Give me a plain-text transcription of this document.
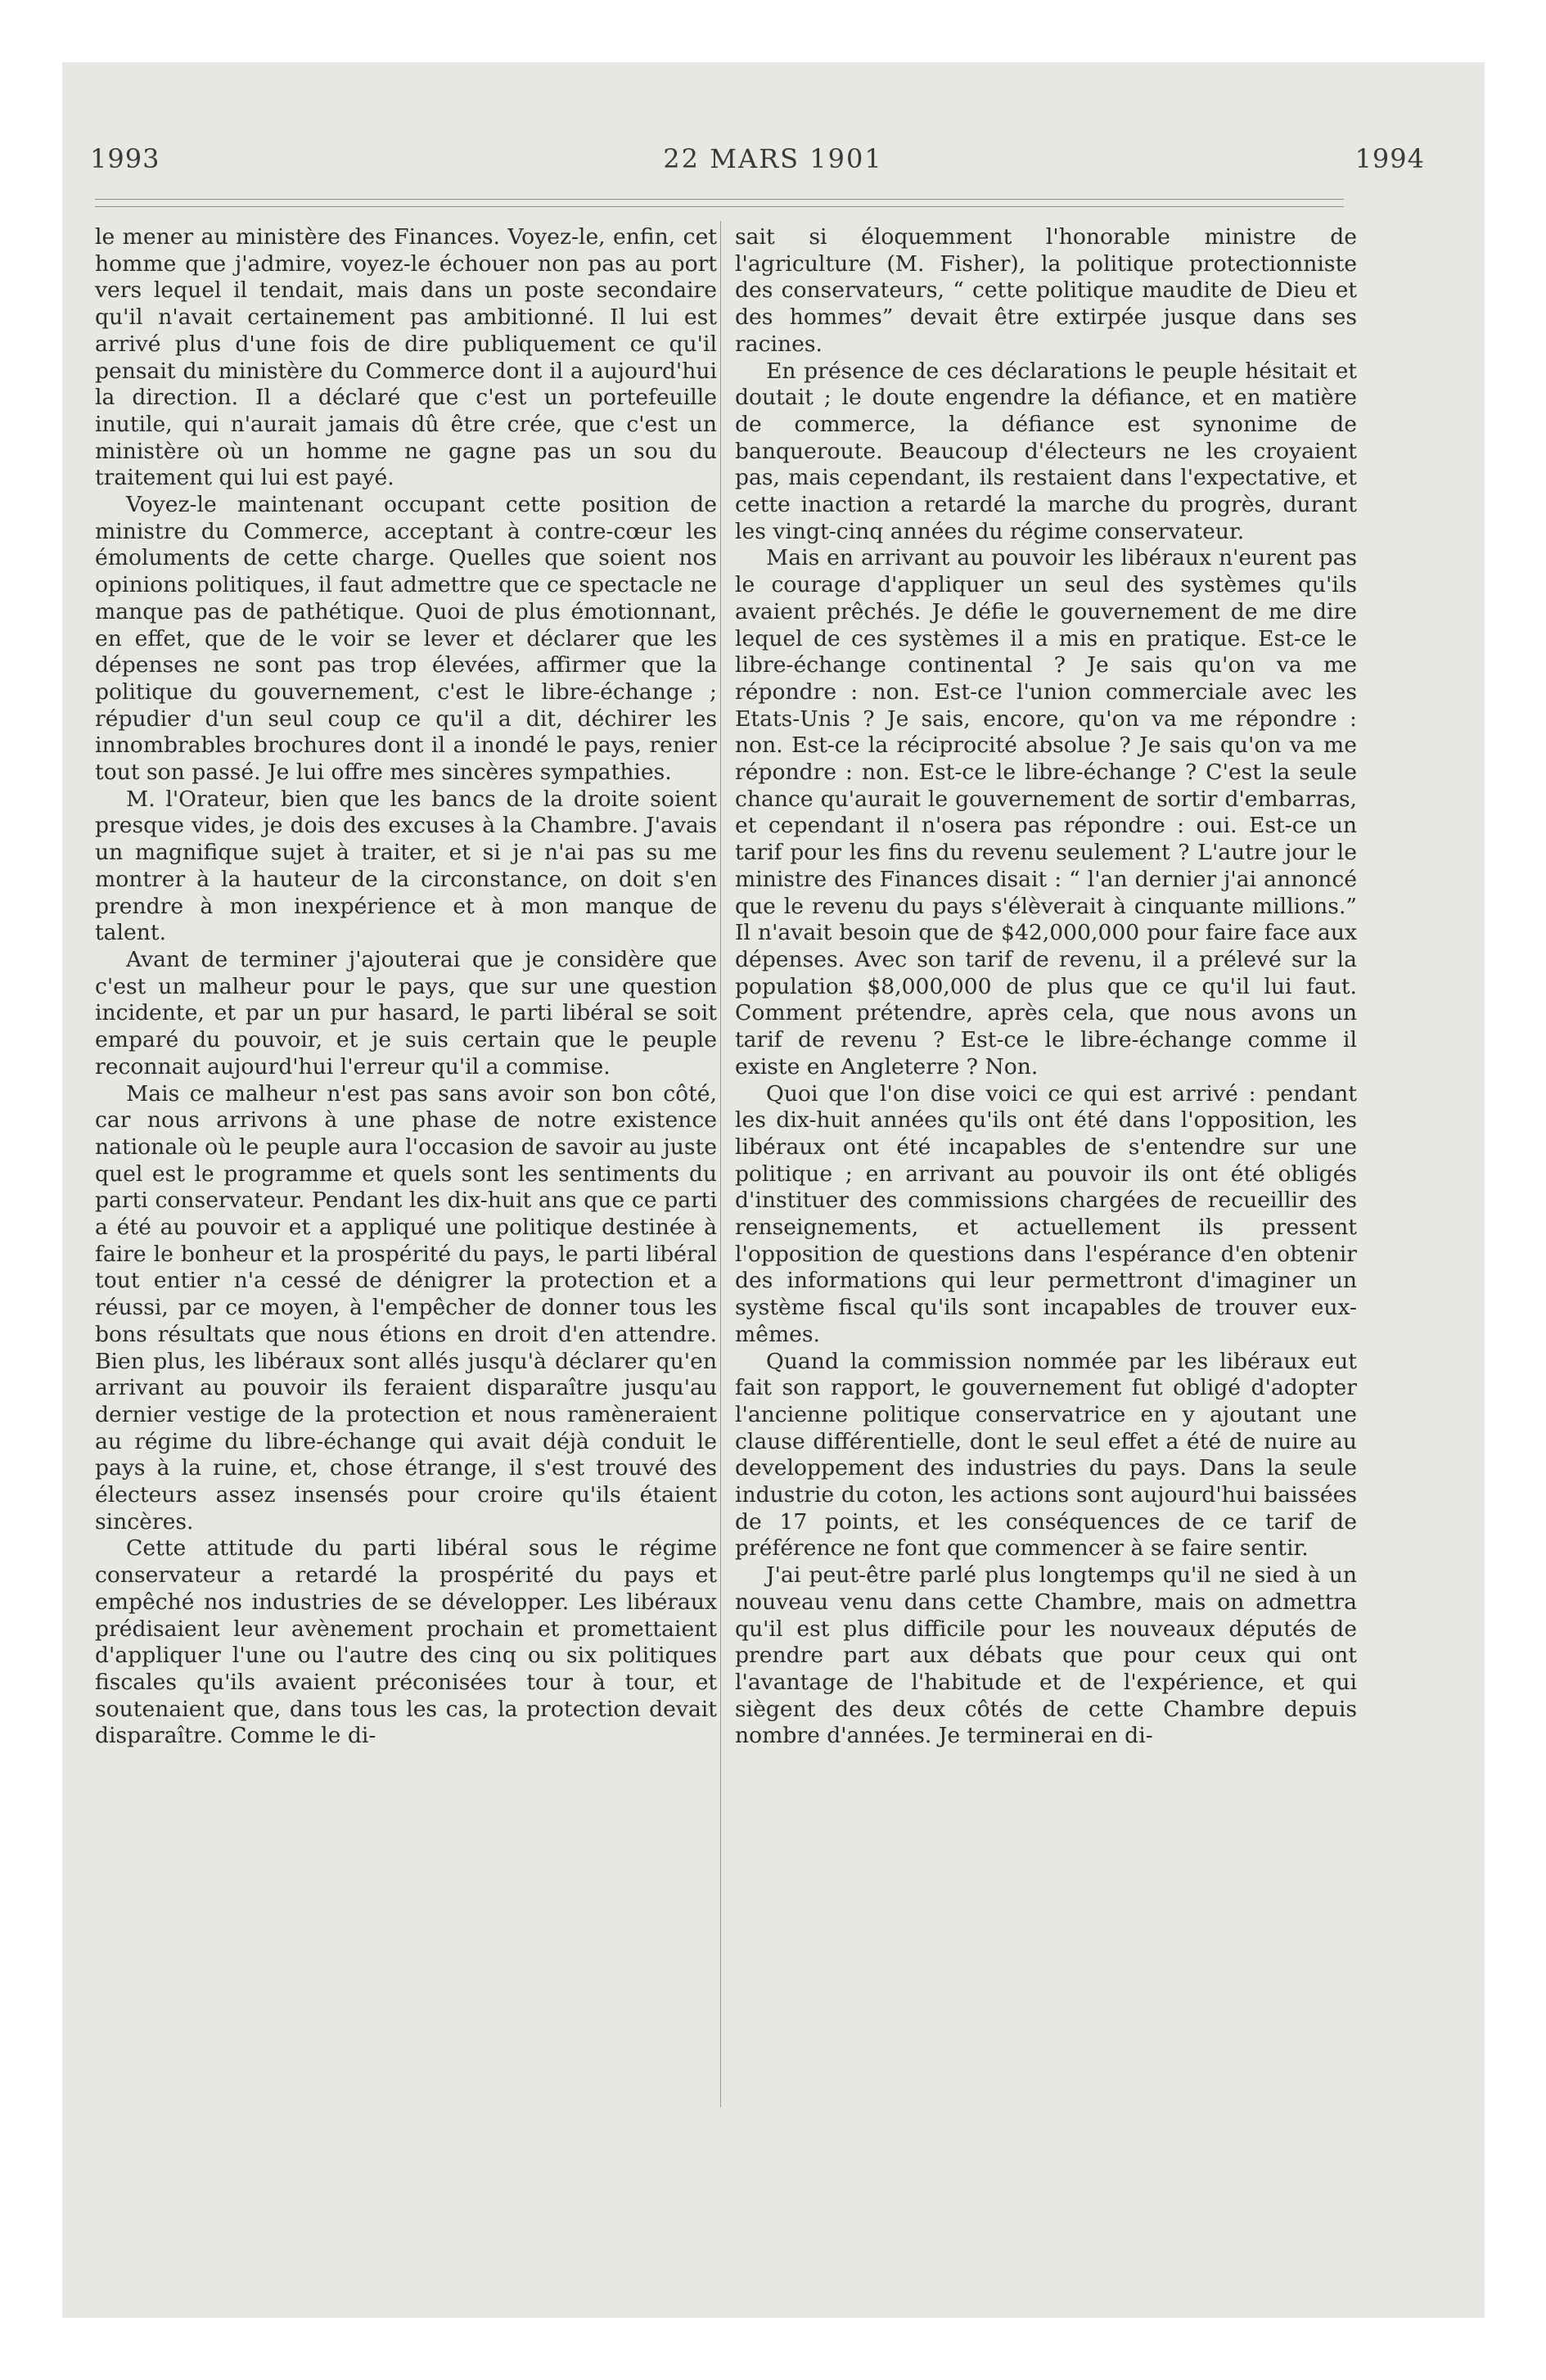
1993	22 MARS 1901	1994

le mener au ministère des Finances. Voyez-le, enfin, cet homme que j'admire, voyez-le échouer non pas au port vers lequel il tendait, mais dans un poste secondaire qu'il n'avait certainement pas ambitionné. Il lui est arrivé plus d'une fois de dire publiquement ce qu'il pensait du ministère du Commerce dont il a aujourd'hui la direction. Il a déclaré que c'est un portefeuille inutile, qui n'aurait jamais dû être crée, que c'est un ministère où un homme ne gagne pas un sou du traitement qui lui est payé.

Voyez-le maintenant occupant cette position de ministre du Commerce, acceptant à contre-cœur les émoluments de cette charge. Quelles que soient nos opinions politiques, il faut admettre que ce spectacle ne manque pas de pathétique. Quoi de plus émotionnant, en effet, que de le voir se lever et déclarer que les dépenses ne sont pas trop élevées, affirmer que la politique du gouvernement, c'est le libre-échange ; répudier d'un seul coup ce qu'il a dit, déchirer les innombrables brochures dont il a inondé le pays, renier tout son passé. Je lui offre mes sincères sympathies.

M. l'Orateur, bien que les bancs de la droite soient presque vides, je dois des excuses à la Chambre. J'avais un magnifique sujet à traiter, et si je n'ai pas su me montrer à la hauteur de la circonstance, on doit s'en prendre à mon inexpérience et à mon manque de talent.

Avant de terminer j'ajouterai que je considère que c'est un malheur pour le pays, que sur une question incidente, et par un pur hasard, le parti libéral se soit emparé du pouvoir, et je suis certain que le peuple reconnait aujourd'hui l'erreur qu'il a commise.

Mais ce malheur n'est pas sans avoir son bon côté, car nous arrivons à une phase de notre existence nationale où le peuple aura l'occasion de savoir au juste quel est le programme et quels sont les sentiments du parti conservateur. Pendant les dix-huit ans que ce parti a été au pouvoir et a appliqué une politique destinée à faire le bonheur et la prospérité du pays, le parti libéral tout entier n'a cessé de dénigrer la protection et a réussi, par ce moyen, à l'empêcher de donner tous les bons résultats que nous étions en droit d'en attendre. Bien plus, les libéraux sont allés jusqu'à déclarer qu'en arrivant au pouvoir ils feraient disparaître jusqu'au dernier vestige de la protection et nous ramèneraient au régime du libre-échange qui avait déjà conduit le pays à la ruine, et, chose étrange, il s'est trouvé des électeurs assez insensés pour croire qu'ils étaient sincères.

Cette attitude du parti libéral sous le régime conservateur a retardé la prospérité du pays et empêché nos industries de se développer. Les libéraux prédisaient leur avènement prochain et promettaient d'appliquer l'une ou l'autre des cinq ou six politiques fiscales qu'ils avaient préconisées tour à tour, et soutenaient que, dans tous les cas, la protection devait disparaître. Comme le di-

sait si éloquemment l'honorable ministre de l'agriculture (M. Fisher), la politique protectionniste des conservateurs, “ cette politique maudite de Dieu et des hommes” devait être extirpée jusque dans ses racines.

En présence de ces déclarations le peuple hésitait et doutait ; le doute engendre la défiance, et en matière de commerce, la défiance est synonime de banqueroute. Beaucoup d'électeurs ne les croyaient pas, mais cependant, ils restaient dans l'expectative, et cette inaction a retardé la marche du progrès, durant les vingt-cinq années du régime conservateur.

Mais en arrivant au pouvoir les libéraux n'eurent pas le courage d'appliquer un seul des systèmes qu'ils avaient prêchés. Je défie le gouvernement de me dire lequel de ces systèmes il a mis en pratique. Est-ce le libre-échange continental ? Je sais qu'on va me répondre : non. Est-ce l'union commerciale avec les Etats-Unis ? Je sais, encore, qu'on va me répondre : non. Est-ce la réciprocité absolue ? Je sais qu'on va me répondre : non. Est-ce le libre-échange ? C'est la seule chance qu'aurait le gouvernement de sortir d'embarras, et cependant il n'osera pas répondre : oui. Est-ce un tarif pour les fins du revenu seulement ? L'autre jour le ministre des Finances disait : “ l'an dernier j'ai annoncé que le revenu du pays s'élèverait à cinquante millions.” Il n'avait besoin que de $42,000,000 pour faire face aux dépenses. Avec son tarif de revenu, il a prélevé sur la population $8,000,000 de plus que ce qu'il lui faut. Comment prétendre, après cela, que nous avons un tarif de revenu ? Est-ce le libre-échange comme il existe en Angleterre ? Non.

Quoi que l'on dise voici ce qui est arrivé : pendant les dix-huit années qu'ils ont été dans l'opposition, les libéraux ont été incapables de s'entendre sur une politique ; en arrivant au pouvoir ils ont été obligés d'instituer des commissions chargées de recueillir des renseignements, et actuellement ils pressent l'opposition de questions dans l'espérance d'en obtenir des informations qui leur permettront d'imaginer un système fiscal qu'ils sont incapables de trouver eux-mêmes.

Quand la commission nommée par les libéraux eut fait son rapport, le gouvernement fut obligé d'adopter l'ancienne politique conservatrice en y ajoutant une clause différentielle, dont le seul effet a été de nuire au developpement des industries du pays. Dans la seule industrie du coton, les actions sont aujourd'hui baissées de 17 points, et les conséquences de ce tarif de préférence ne font que commencer à se faire sentir.

J'ai peut-être parlé plus longtemps qu'il ne sied à un nouveau venu dans cette Chambre, mais on admettra qu'il est plus difficile pour les nouveaux députés de prendre part aux débats que pour ceux qui ont l'avantage de l'habitude et de l'expérience, et qui siègent des deux côtés de cette Chambre depuis nombre d'années. Je terminerai en di-
